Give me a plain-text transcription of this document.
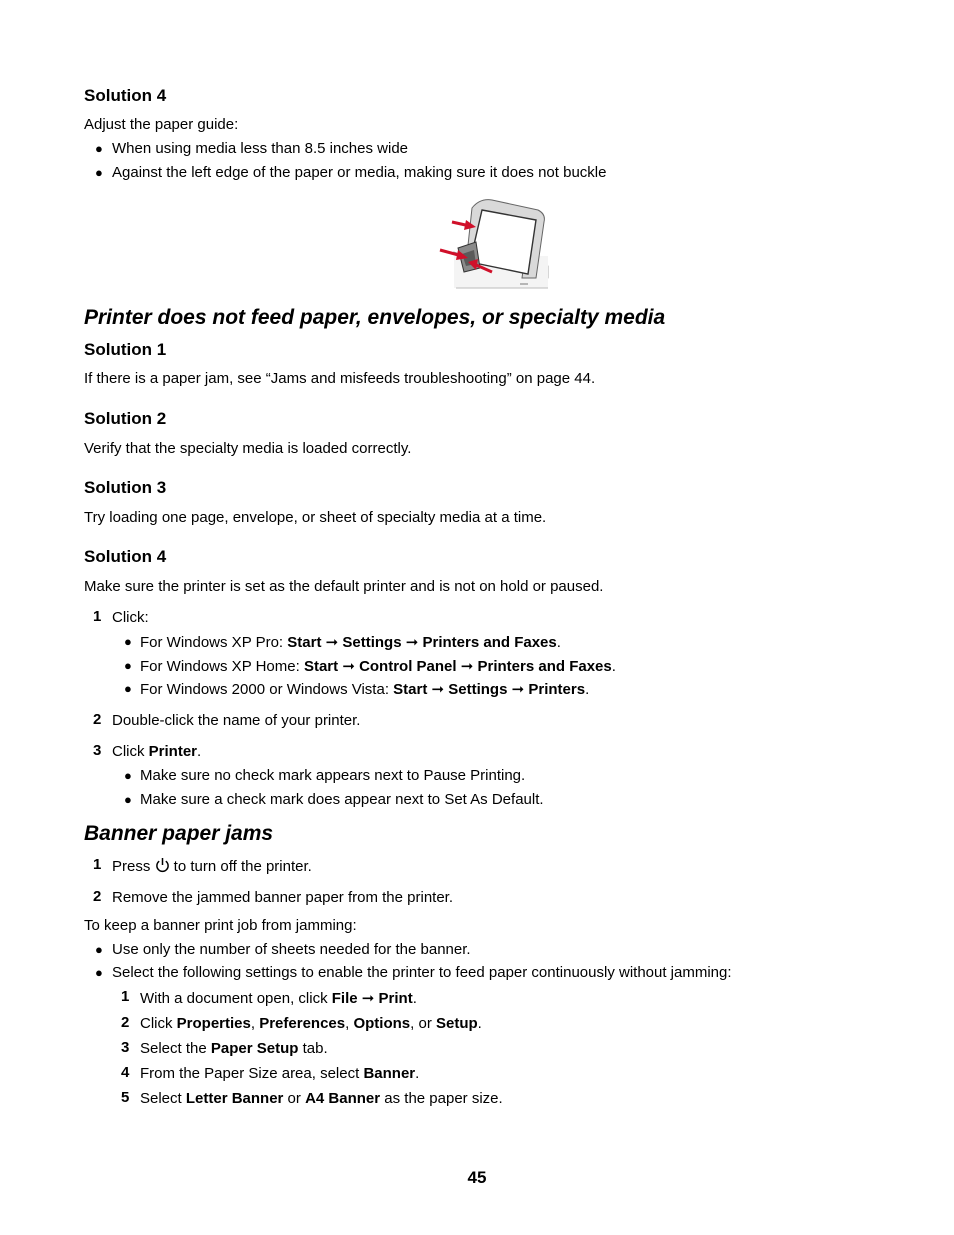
Solution 4
Adjust the paper guide:
● When using media less than 8.5 inches wide
● Against the left edge of the paper or media, making sure it does not buckle
Printer does not feed paper, envelopes, or specialty media
Solution 1
If there is a paper jam, see “Jams and misfeeds troubleshooting” on page 44.
Solution 2
Verify that the specialty media is loaded correctly.
Solution 3
Try loading one page, envelope, or sheet of specialty media at a time.
Solution 4
Make sure the printer is set as the default printer and is not on hold or paused.
1 Click:
● For Windows XP Pro: Start ➞ Settings ➞ Printers and Faxes.
● For Windows XP Home: Start ➞ Control Panel ➞ Printers and Faxes.
● For Windows 2000 or Windows Vista: Start ➞ Settings ➞ Printers.
2 Double-click the name of your printer.
3 Click Printer.
● Make sure no check mark appears next to Pause Printing.
● Make sure a check mark does appear next to Set As Default.
Banner paper jams
1 Press  to turn off the printer.
2 Remove the jammed banner paper from the printer.
To keep a banner print job from jamming:
● Use only the number of sheets needed for the banner.
● Select the following settings to enable the printer to feed paper continuously without jamming:
1 With a document open, click File ➞ Print.
2 Click Properties, Preferences, Options, or Setup.
3 Select the Paper Setup tab.
4 From the Paper Size area, select Banner.
5 Select Letter Banner or A4 Banner as the paper size.
45
